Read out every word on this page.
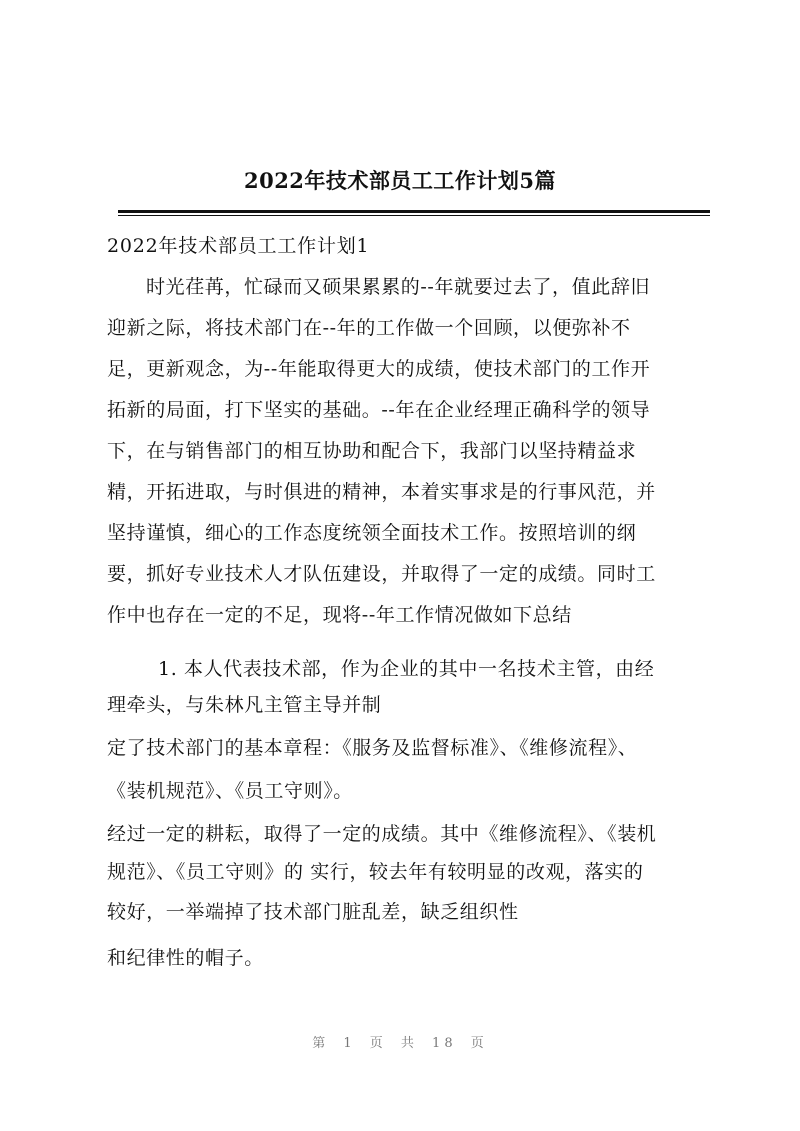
2022年技术部员工工作计划5篇
2022年技术部员工工作计划1
时光荏苒，忙碌而又硕果累累的--年就要过去了，值此辞旧
迎新之际，将技术部门在--年的工作做一个回顾，以便弥补不
足，更新观念，为--年能取得更大的成绩，使技术部门的工作开
拓新的局面，打下坚实的基础。--年在企业经理正确科学的领导
下，在与销售部门的相互协助和配合下，我部门以坚持精益求
精，开拓进取，与时俱进的精神，本着实事求是的行事风范，并
坚持谨慎，细心的工作态度统领全面技术工作。按照培训的纲
要，抓好专业技术人才队伍建设，并取得了一定的成绩。同时工
作中也存在一定的不足，现将--年工作情况做如下总结
1. 本人代表技术部，作为企业的其中一名技术主管，由经
理牵头，与朱林凡主管主导并制
定了技术部门的基本章程：《服务及监督标准》、《维修流程》、
《装机规范》、《员工守则》。
经过一定的耕耘，取得了一定的成绩。其中《维修流程》、《装机
规范》、《员工守则》的 实行，较去年有较明显的改观，落实的
较好，一举端掉了技术部门脏乱差，缺乏组织性
和纪律性的帽子。
第 1 页 共 18 页
